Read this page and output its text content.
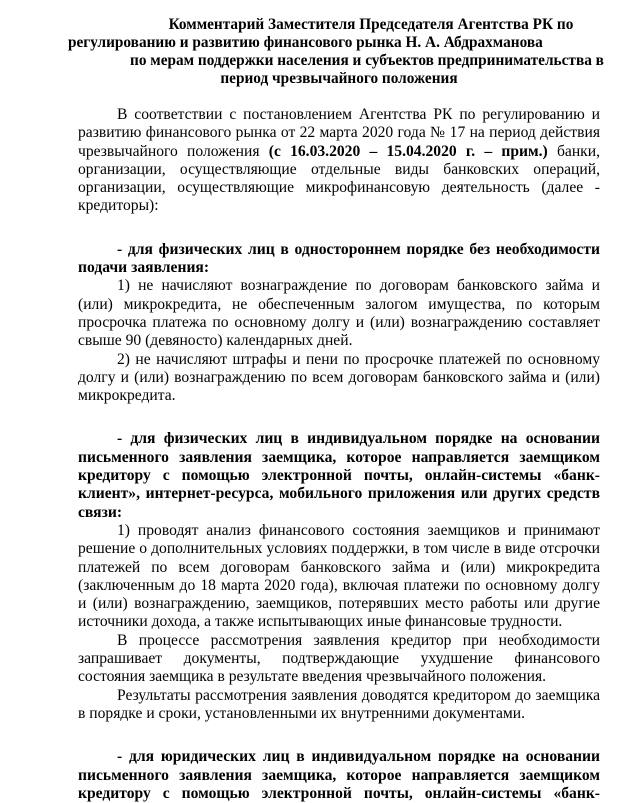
Комментарий Заместителя Председателя Агентства РК по
регулированию и развитию финансового рынка Н. А. Абдрахманова
по мерам поддержки населения и субъектов предпринимательства в
период чрезвычайного положения

В соответствии с постановлением Агентства РК по регулированию и развитию финансового рынка от 22 марта 2020 года № 17 на период действия чрезвычайного положения (с 16.03.2020 – 15.04.2020 г. – прим.) банки, организации, осуществляющие отдельные виды банковских операций, организации, осуществляющие микрофинансовую деятельность (далее - кредиторы):

- для физических лиц в одностороннем порядке без необходимости подачи заявления:

1) не начисляют вознаграждение по договорам банковского займа и (или) микрокредита, не обеспеченным залогом имущества, по которым просрочка платежа по основному долгу и (или) вознаграждению составляет свыше 90 (девяносто) календарных дней.

2) не начисляют штрафы и пени по просрочке платежей по основному долгу и (или) вознаграждению по всем договорам банковского займа и (или) микрокредита.

- для физических лиц в индивидуальном порядке на основании письменного заявления заемщика, которое направляется заемщиком кредитору с помощью электронной почты, онлайн-системы «банк-клиент», интернет-ресурса, мобильного приложения или других средств связи:

1) проводят анализ финансового состояния заемщиков и принимают решение о дополнительных условиях поддержки, в том числе в виде отсрочки платежей по всем договорам банковского займа и (или) микрокредита (заключенным до 18 марта 2020 года), включая платежи по основному долгу и (или) вознаграждению, заемщиков, потерявших место работы или другие источники дохода, а также испытывающих иные финансовые трудности.

В процессе рассмотрения заявления кредитор при необходимости запрашивает документы, подтверждающие ухудшение финансового состояния заемщика в результате введения чрезвычайного положения.

Результаты рассмотрения заявления доводятся кредитором до заемщика в порядке и сроки, установленными их внутренними документами.

- для юридических лиц в индивидуальном порядке на основании письменного заявления заемщика, которое направляется заемщиком кредитору с помощью электронной почты, онлайн-системы «банк-
